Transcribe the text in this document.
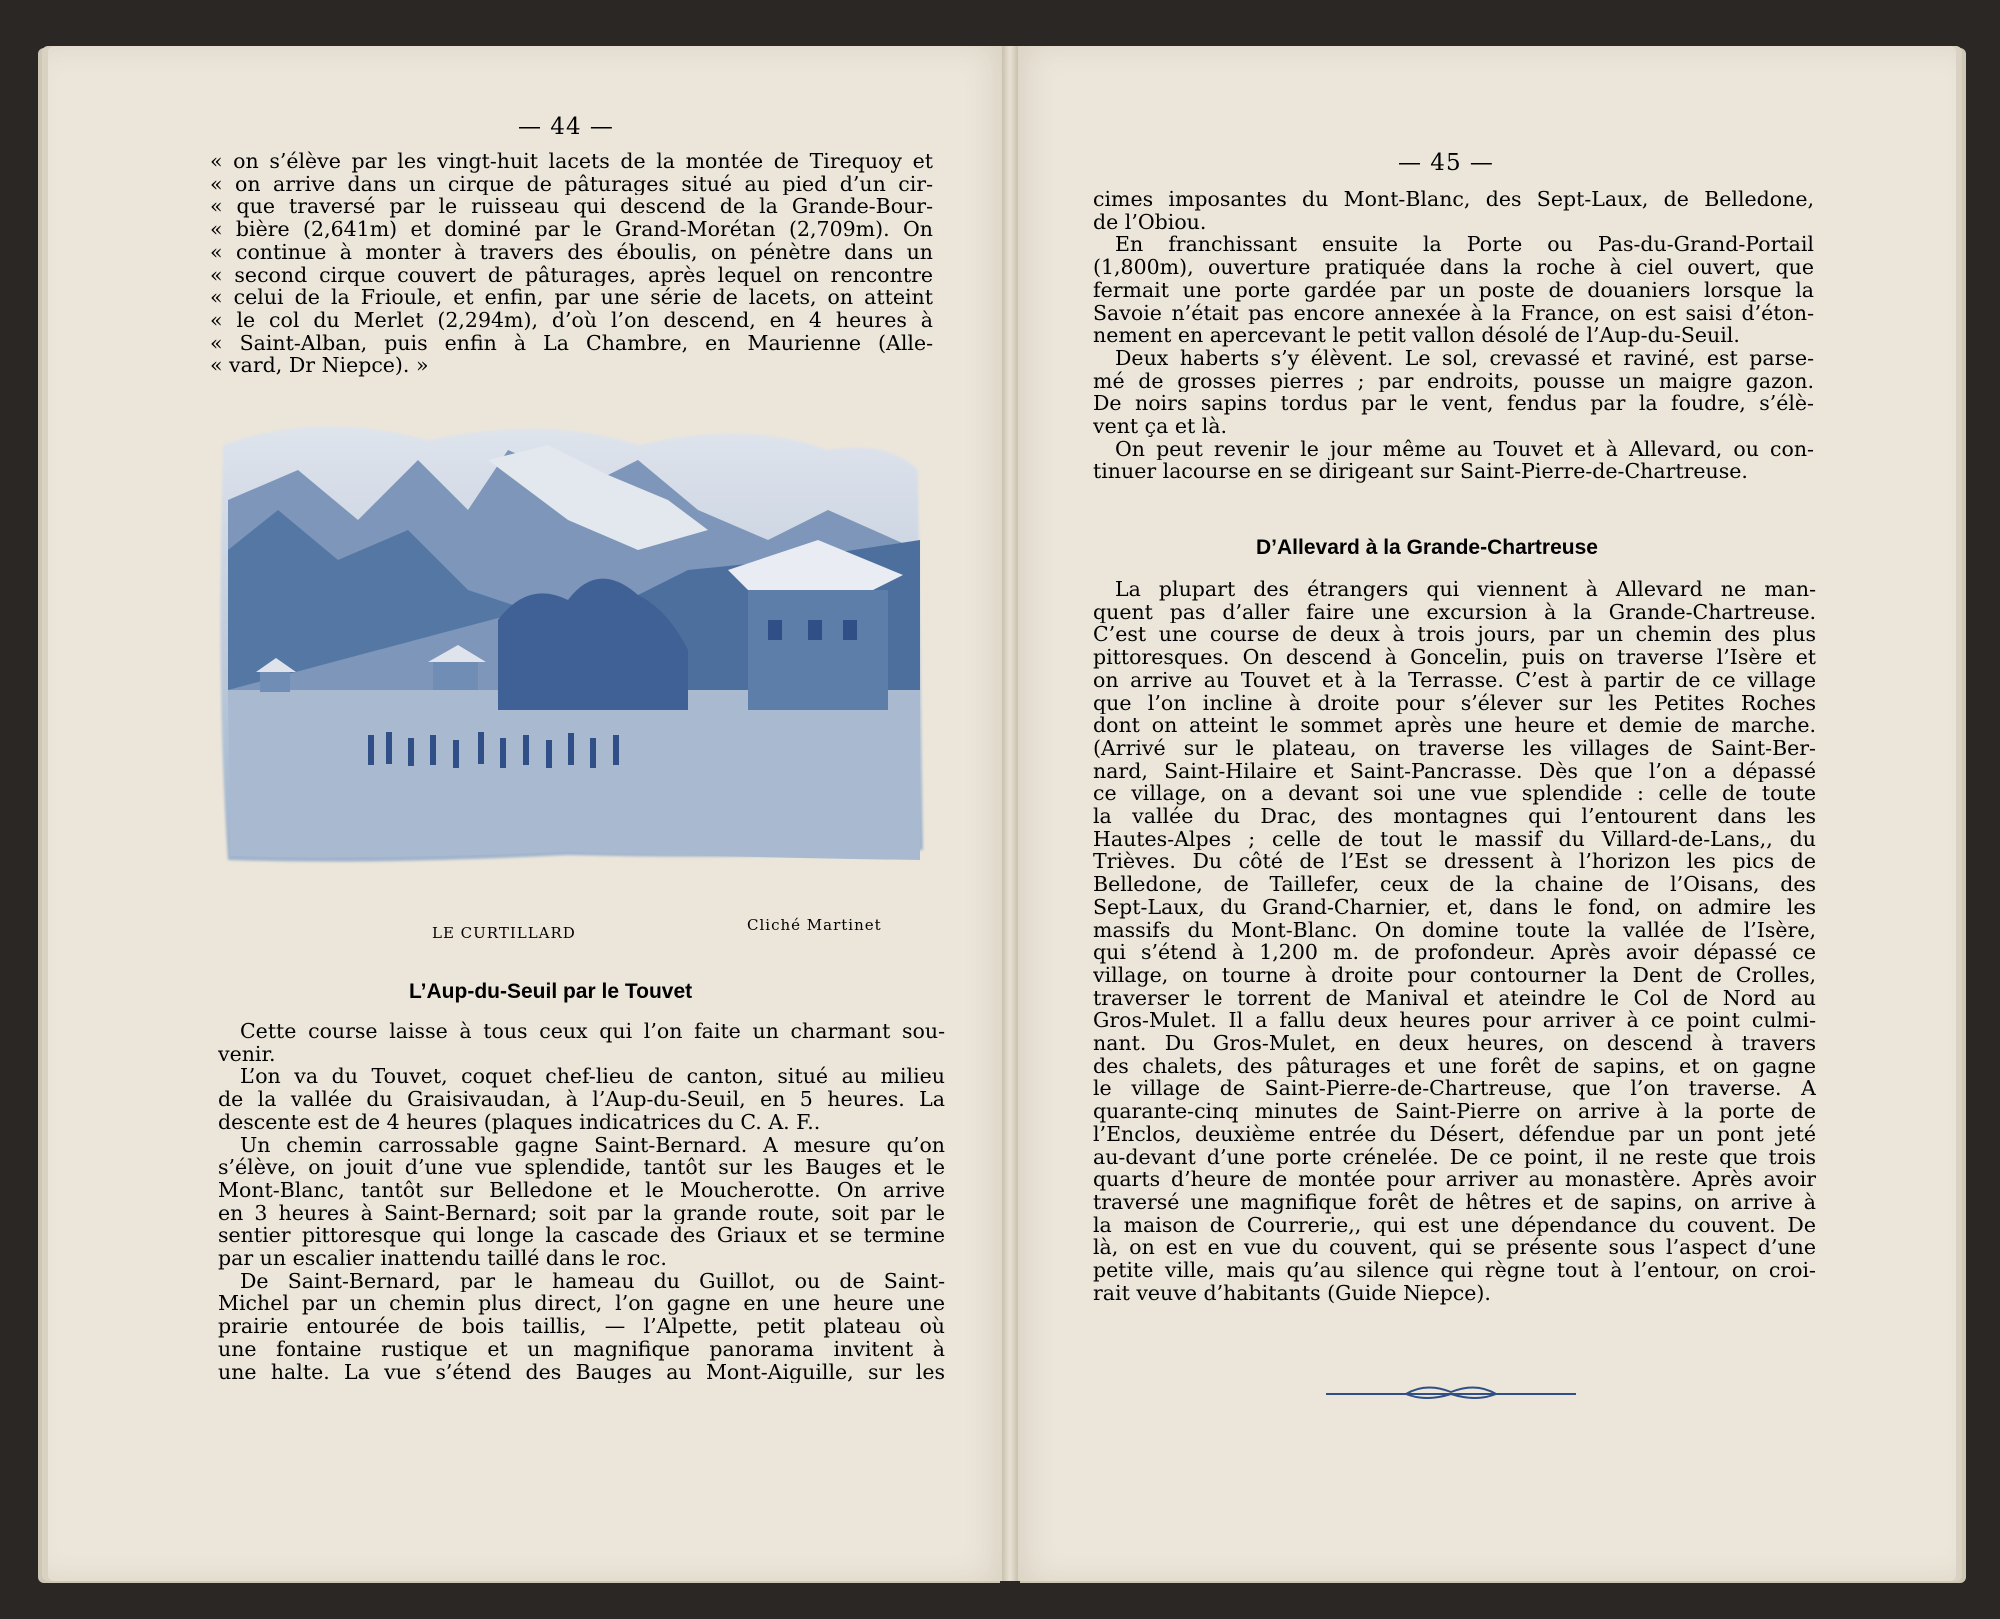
— 44 —
« on s’élève par les vingt-huit lacets de la montée de Tirequoy et
« on arrive dans un cirque de pâturages situé au pied d’un cir-
« que traversé par le ruisseau qui descend de la Grande-Bour-
« bière (2,641m) et dominé par le Grand-Morétan (2,709m). On
« continue à monter à travers des éboulis, on pénètre dans un
« second cirque couvert de pâturages, après lequel on rencontre
« celui de la Frioule, et enfin, par une série de lacets, on atteint
« le col du Merlet (2,294m), d’où l’on descend, en 4 heures à
« Saint-Alban, puis enfin à La Chambre, en Maurienne (Alle-
« vard, Dr Niepce). »
LE CURTILLARD	Cliché Martinet
L’Aup-du-Seuil par le Touvet
Cette course laisse à tous ceux qui l’on faite un charmant sou-
venir.
L’on va du Touvet, coquet chef-lieu de canton, situé au milieu
de la vallée du Graisivaudan, à l’Aup-du-Seuil, en 5 heures. La
descente est de 4 heures (plaques indicatrices du C. A. F..
Un chemin carrossable gagne Saint-Bernard. A mesure qu’on
s’élève, on jouit d’une vue splendide, tantôt sur les Bauges et le
Mont-Blanc, tantôt sur Belledone et le Moucherotte. On arrive
en 3 heures à Saint-Bernard; soit par la grande route, soit par le
sentier pittoresque qui longe la cascade des Griaux et se termine
par un escalier inattendu taillé dans le roc.
De Saint-Bernard, par le hameau du Guillot, ou de Saint-
Michel par un chemin plus direct, l’on gagne en une heure une
prairie entourée de bois taillis, — l’Alpette, petit plateau où
une fontaine rustique et un magnifique panorama invitent à
une halte. La vue s’étend des Bauges au Mont-Aiguille, sur les
— 45 —
cimes imposantes du Mont-Blanc, des Sept-Laux, de Belledone,
de l’Obiou.
En franchissant ensuite la Porte ou Pas-du-Grand-Portail
(1,800m), ouverture pratiquée dans la roche à ciel ouvert, que
fermait une porte gardée par un poste de douaniers lorsque la
Savoie n’était pas encore annexée à la France, on est saisi d’éton-
nement en apercevant le petit vallon désolé de l’Aup-du-Seuil.
Deux haberts s’y élèvent. Le sol, crevassé et raviné, est parse-
mé de grosses pierres ; par endroits, pousse un maigre gazon.
De noirs sapins tordus par le vent, fendus par la foudre, s’élè-
vent ça et là.
On peut revenir le jour même au Touvet et à Allevard, ou con-
tinuer lacourse en se dirigeant sur Saint-Pierre-de-Chartreuse.
D’Allevard à la Grande-Chartreuse
La plupart des étrangers qui viennent à Allevard ne man-
quent pas d’aller faire une excursion à la Grande-Chartreuse.
C’est une course de deux à trois jours, par un chemin des plus
pittoresques. On descend à Goncelin, puis on traverse l’Isère et
on arrive au Touvet et à la Terrasse. C’est à partir de ce village
que l’on incline à droite pour s’élever sur les Petites Roches
dont on atteint le sommet après une heure et demie de marche.
(Arrivé sur le plateau, on traverse les villages de Saint-Ber-
nard, Saint-Hilaire et Saint-Pancrasse. Dès que l’on a dépassé
ce village, on a devant soi une vue splendide : celle de toute
la vallée du Drac, des montagnes qui l’entourent dans les
Hautes-Alpes ; celle de tout le massif du Villard-de-Lans,, du
Trièves. Du côté de l’Est se dressent à l’horizon les pics de
Belledone, de Taillefer, ceux de la chaine de l’Oisans, des
Sept-Laux, du Grand-Charnier, et, dans le fond, on admire les
massifs du Mont-Blanc. On domine toute la vallée de l’Isère,
qui s’étend à 1,200 m. de profondeur. Après avoir dépassé ce
village, on tourne à droite pour contourner la Dent de Crolles,
traverser le torrent de Manival et ateindre le Col de Nord au
Gros-Mulet. Il a fallu deux heures pour arriver à ce point culmi-
nant. Du Gros-Mulet, en deux heures, on descend à travers
des chalets, des pâturages et une forêt de sapins, et on gagne
le village de Saint-Pierre-de-Chartreuse, que l’on traverse. A
quarante-cinq minutes de Saint-Pierre on arrive à la porte de
l’Enclos, deuxième entrée du Désert, défendue par un pont jeté
au-devant d’une porte crénelée. De ce point, il ne reste que trois
quarts d’heure de montée pour arriver au monastère. Après avoir
traversé une magnifique forêt de hêtres et de sapins, on arrive à
la maison de Courrerie,, qui est une dépendance du couvent. De
là, on est en vue du couvent, qui se présente sous l’aspect d’une
petite ville, mais qu’au silence qui règne tout à l’entour, on croi-
rait veuve d’habitants (Guide Niepce).
